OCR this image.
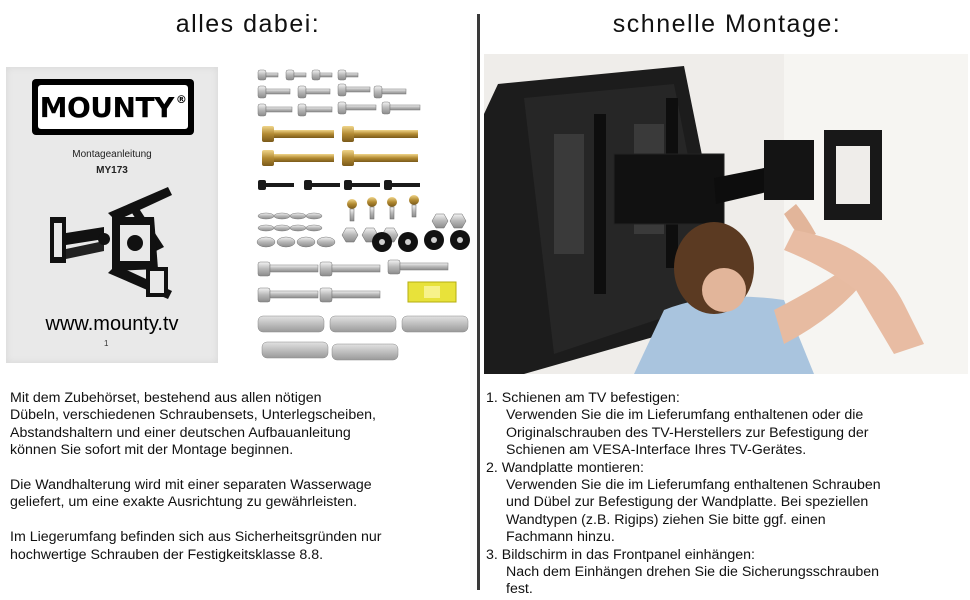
alles dabei:	schnelle Montage:
MOUNTY ®
Montageanleitung
MY173
www.mounty.tv
1

Mit dem Zubehörset, bestehend aus allen nötigen
Dübeln, verschiedenen Schraubensets, Unterlegscheiben,
Abstandshaltern und einer deutschen Aufbauanleitung
können Sie sofort mit der Montage beginnen.

Die Wandhalterung wird mit einer separaten Wasserwage
geliefert, um eine exakte Ausrichtung zu gewährleisten.

Im Liegerumfang befinden sich aus Sicherheitsgründen nur
hochwertige Schrauben der Festigkeitsklasse 8.8.

1. Schienen am TV befestigen:
Verwenden Sie die im Lieferumfang enthaltenen oder die
Originalschrauben des TV-Herstellers zur Befestigung der
Schienen am VESA-Interface Ihres TV-Gerätes.
2. Wandplatte montieren:
Verwenden Sie die im Lieferumfang enthaltenen Schrauben
und Dübel zur Befestigung der Wandplatte. Bei speziellen
Wandtypen (z.B. Rigips) ziehen Sie bitte ggf. einen
Fachmann hinzu.
3. Bildschirm in das Frontpanel einhängen:
Nach dem Einhängen drehen Sie die Sicherungsschrauben
fest.
